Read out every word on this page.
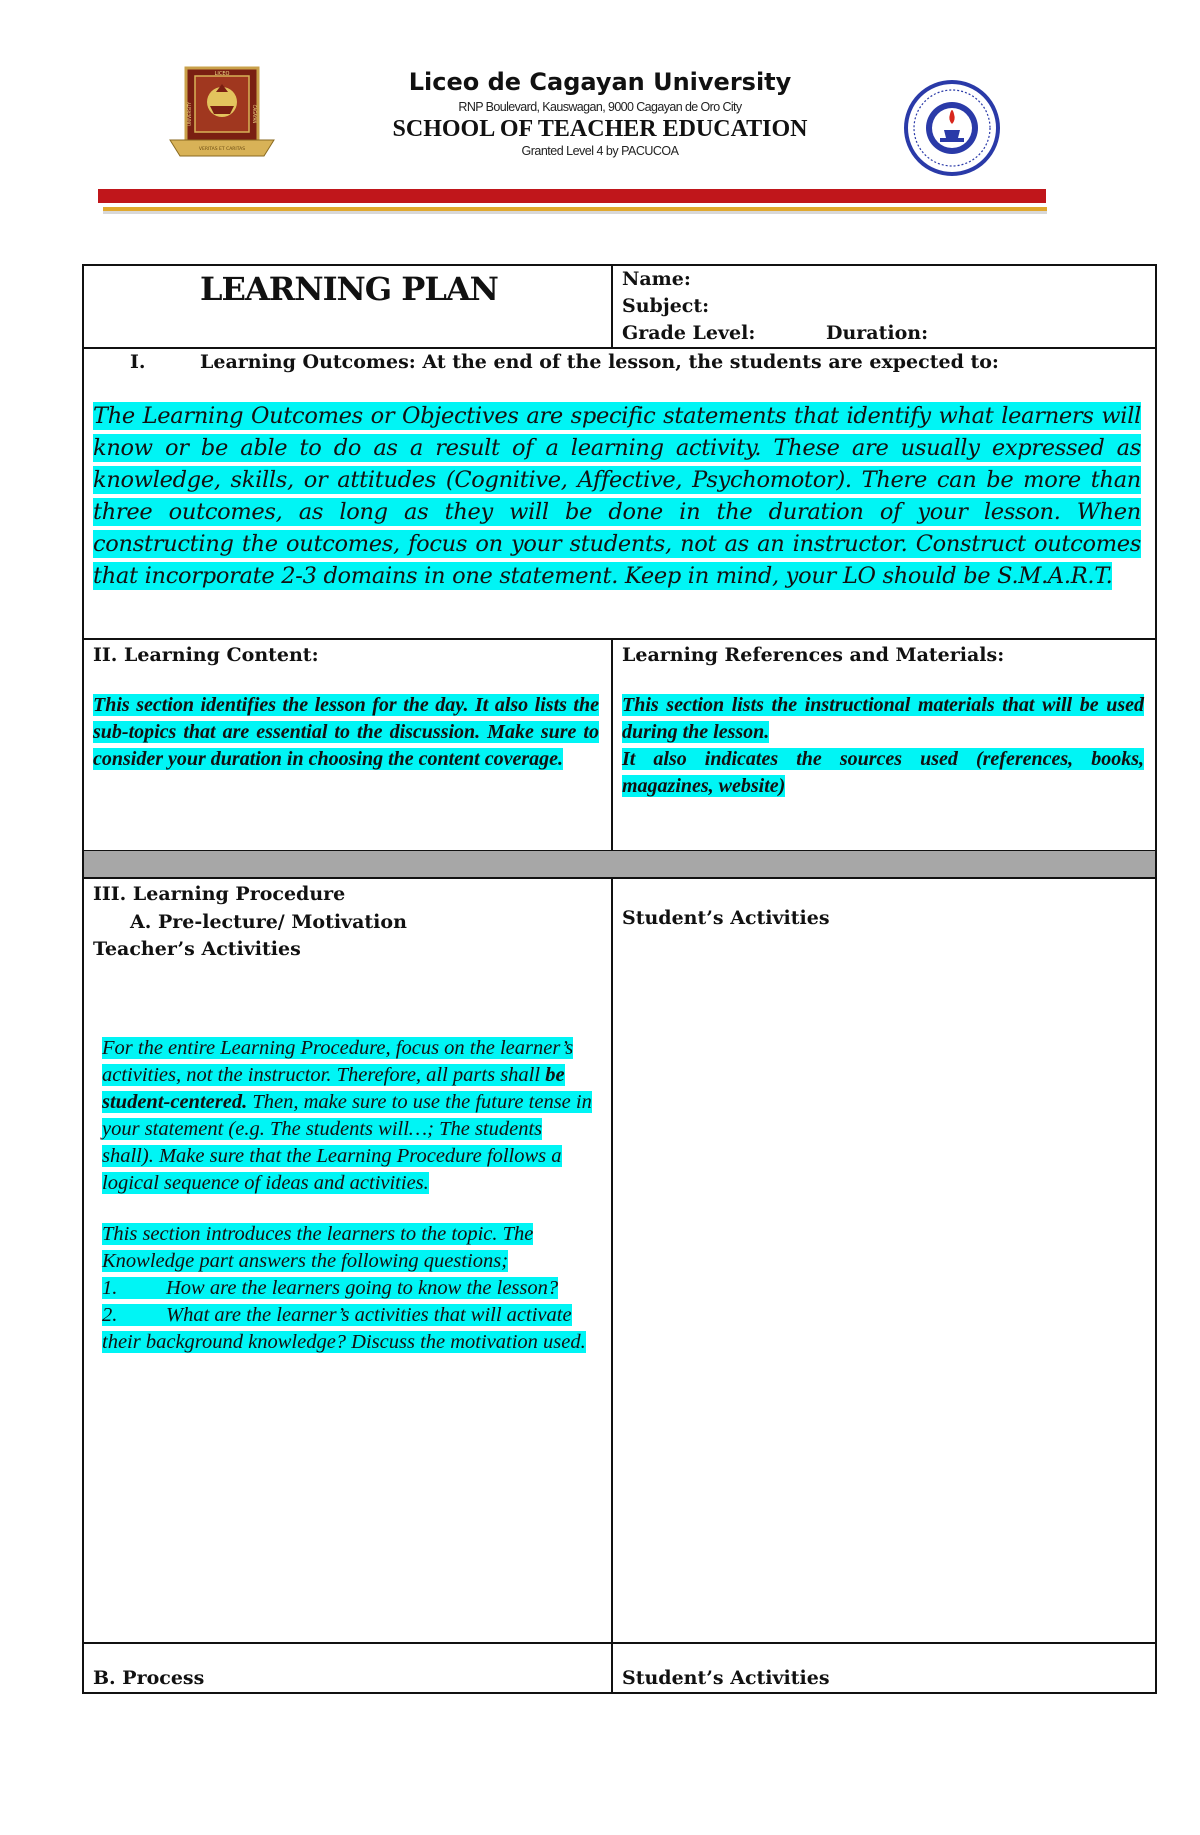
LICEO
UNIVERSITY	CAGAYAN
VERITAS ET CARITAS
Liceo de Cagayan University
RNP Boulevard, Kauswagan, 9000 Cagayan de Oro City
SCHOOL OF TEACHER EDUCATION
Granted Level 4 by PACUCOA
LEARNING PLAN	Name:
Subject:
Grade Level:	Duration:
I.	Learning Outcomes: At the end of the lesson, the students are expected to:

The Learning Outcomes or Objectives are specific statements that identify what learners will know or be able to do as a result of a learning activity. These are usually expressed as knowledge, skills, or attitudes (Cognitive, Affective, Psychomotor). There can be more than three outcomes, as long as they will be done in the duration of your lesson. When constructing the outcomes, focus on your students, not as an instructor. Construct outcomes that incorporate 2-3 domains in one statement. Keep in mind, your LO should be S.M.A.R.T.

II. Learning Content:	Learning References and Materials:

This section identifies the lesson for the day. It also lists the sub-topics that are essential to the discussion. Make sure to consider your duration in choosing the content coverage.

This section lists the instructional materials that will be used during the lesson.
It also indicates the sources used (references, books, magazines, website)
III. Learning Procedure
A. Pre-lecture/ Motivation
Teacher’s Activities
Student’s Activities

For the entire Learning Procedure, focus on the learner’s activities, not the instructor. Therefore, all parts shall be student-centered. Then, make sure to use the future tense in your statement (e.g. The students will…; The students shall). Make sure that the Learning Procedure follows a logical sequence of ideas and activities.

This section introduces the learners to the topic. The Knowledge part answers the following questions;
1. How are the learners going to know the lesson?
2. What are the learner’s activities that will activate their background knowledge? Discuss the motivation used.
B. Process	Student’s Activities
